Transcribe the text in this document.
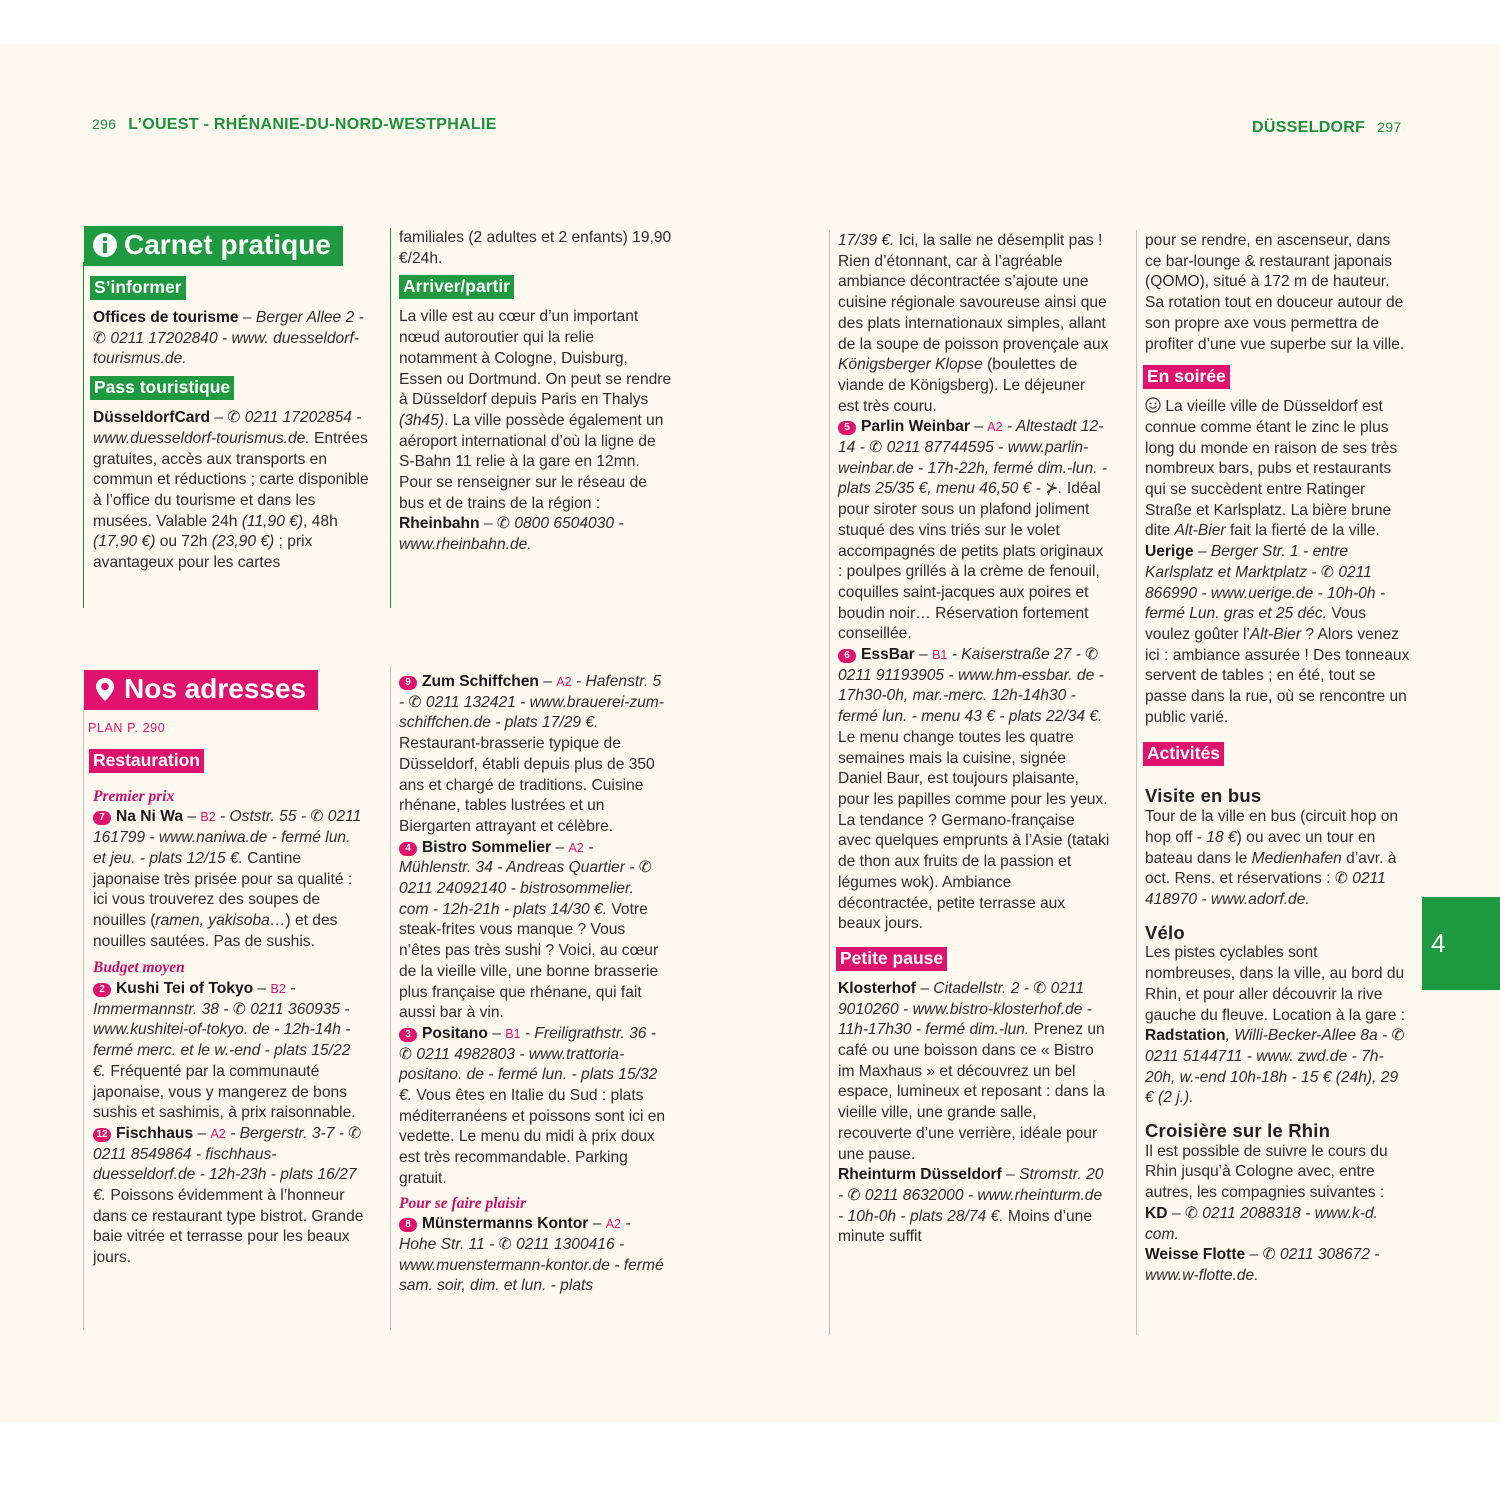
296 L’OUEST - RHÉNANIE-DU-NORD-WESTPHALIE	DÜSSELDORF 297
4
Carnet pratique
S’informer

Offices de tourisme – Berger Allee 2 - ✆ 0211 17202840 - www. duesseldorf-tourismus.de.

Pass touristique

DüsseldorfCard – ✆ 0211 17202854 - www.duesseldorf-tourismus.de. Entrées gratuites, accès aux transports en commun et réductions ; carte disponible à l’office du tourisme et dans les musées. Valable 24h (11,90 €), 48h (17,90 €) ou 72h (23,90 €) ; prix avantageux pour les cartes

familiales (2 adultes et 2 enfants) 19,90 €/24h.

Arriver/partir

La ville est au cœur d’un important nœud autoroutier qui la relie notamment à Cologne, Duisburg, Essen ou Dortmund. On peut se rendre à Düsseldorf depuis Paris en Thalys (3h45). La ville possède également un aéroport international d’où la ligne de S-Bahn 11 relie à la gare en 12mn. Pour se renseigner sur le réseau de bus et de trains de la région : Rheinbahn – ✆ 0800 6504030 - www.rheinbahn.de.

Nos adresses
PLAN P. 290
Restauration
Premier prix

7 Na Ni Wa – B2 - Oststr. 55 - ✆ 0211 161799 - www.naniwa.de - fermé lun. et jeu. - plats 12/15 €. Cantine japonaise très prisée pour sa qualité : ici vous trouverez des soupes de nouilles (ramen, yakisoba…) et des nouilles sautées. Pas de sushis.

Budget moyen

2 Kushi Tei of Tokyo – B2 - Immermannstr. 38 - ✆ 0211 360935 - www.kushitei-of-tokyo. de - 12h-14h - fermé merc. et le w.-end - plats 15/22 €. Fréquenté par la communauté japonaise, vous y mangerez de bons sushis et sashimis, à prix raisonnable.

12 Fischhaus – A2 - Bergerstr. 3-7 - ✆ 0211 8549864 - fischhaus-duesseldorf.de - 12h-23h - plats 16/27 €. Poissons évidemment à l’honneur dans ce restaurant type bistrot. Grande baie vitrée et terrasse pour les beaux jours.

9 Zum Schiffchen – A2 - Hafenstr. 5 - ✆ 0211 132421 - www.brauerei-zum-schiffchen.de - plats 17/29 €. Restaurant-brasserie typique de Düsseldorf, établi depuis plus de 350 ans et chargé de traditions. Cuisine rhénane, tables lustrées et un Biergarten attrayant et célèbre.

4 Bistro Sommelier – A2 - Mühlenstr. 34 - Andreas Quartier - ✆ 0211 24092140 - bistrosommelier. com - 12h-21h - plats 14/30 €. Votre steak-frites vous manque ? Vous n’êtes pas très sushi ? Voici, au cœur de la vieille ville, une bonne brasserie plus française que rhénane, qui fait aussi bar à vin.

3 Positano – B1 - Freiligrathstr. 36 - ✆ 0211 4982803 - www.trattoria-positano. de - fermé lun. - plats 15/32 €. Vous êtes en Italie du Sud : plats méditerranéens et poissons sont ici en vedette. Le menu du midi à prix doux est très recommandable. Parking gratuit.

Pour se faire plaisir

8 Münstermanns Kontor – A2 - Hohe Str. 11 - ✆ 0211 1300416 - www.muenstermann-kontor.de - fermé sam. soir, dim. et lun. - plats

17/39 €. Ici, la salle ne désemplit pas ! Rien d’étonnant, car à l’agréable ambiance décontractée s’ajoute une cuisine régionale savoureuse ainsi que des plats internationaux simples, allant de la soupe de poisson provençale aux Königsberger Klopse (boulettes de viande de Königsberg). Le déjeuner est très couru.

5 Parlin Weinbar – A2 - Altestadt 12-14 - ✆ 0211 87744595 - www.parlin-weinbar.de - 17h-22h, fermé dim.-lun. - plats 25/35 €, menu 46,50 € - ⊁. Idéal pour siroter sous un plafond joliment stuqué des vins triés sur le volet accompagnés de petits plats originaux : poulpes grillés à la crème de fenouil, coquilles saint-jacques aux poires et boudin noir… Réservation fortement conseillée.

6 EssBar – B1 - Kaiserstraße 27 - ✆ 0211 91193905 - www.hm-essbar. de - 17h30-0h, mar.-merc. 12h-14h30 - fermé lun. - menu 43 € - plats 22/34 €. Le menu change toutes les quatre semaines mais la cuisine, signée Daniel Baur, est toujours plaisante, pour les papilles comme pour les yeux. La tendance ? Germano-française avec quelques emprunts à l’Asie (tataki de thon aux fruits de la passion et légumes wok). Ambiance décontractée, petite terrasse aux beaux jours.

Petite pause

Klosterhof – Citadellstr. 2 - ✆ 0211 9010260 - www.bistro-klosterhof.de - 11h-17h30 - fermé dim.-lun. Prenez un café ou une boisson dans ce « Bistro im Maxhaus » et découvrez un bel espace, lumineux et reposant : dans la vieille ville, une grande salle, recouverte d’une verrière, idéale pour une pause.

Rheinturm Düsseldorf – Stromstr. 20 - ✆ 0211 8632000 - www.rheinturm.de - 10h-0h - plats 28/74 €. Moins d’une minute suffit

pour se rendre, en ascenseur, dans ce bar-lounge & restaurant japonais (QOMO), situé à 172 m de hauteur. Sa rotation tout en douceur autour de son propre axe vous permettra de profiter d’une vue superbe sur la ville.

En soirée

La vieille ville de Düsseldorf est connue comme étant le zinc le plus long du monde en raison de ses très nombreux bars, pubs et restaurants qui se succèdent entre Ratinger Straße et Karlsplatz. La bière brune dite Alt-Bier fait la fierté de la ville.

Uerige – Berger Str. 1 - entre Karlsplatz et Marktplatz - ✆ 0211 866990 - www.uerige.de - 10h-0h - fermé Lun. gras et 25 déc. Vous voulez goûter l’Alt-Bier ? Alors venez ici : ambiance assurée ! Des tonneaux servent de tables ; en été, tout se passe dans la rue, où se rencontre un public varié.

Activités
Visite en bus

Tour de la ville en bus (circuit hop on hop off - 18 €) ou avec un tour en bateau dans le Medienhafen d’avr. à oct. Rens. et réservations : ✆ 0211 418970 - www.adorf.de.

Vélo

Les pistes cyclables sont nombreuses, dans la ville, au bord du Rhin, et pour aller découvrir la rive gauche du fleuve. Location à la gare : Radstation, Willi-Becker-Allee 8a - ✆ 0211 5144711 - www. zwd.de - 7h-20h, w.-end 10h-18h - 15 € (24h), 29 € (2 j.).

Croisière sur le Rhin

Il est possible de suivre le cours du Rhin jusqu’à Cologne avec, entre autres, les compagnies suivantes :

KD – ✆ 0211 2088318 - www.k-d. com.

Weisse Flotte – ✆ 0211 308672 - www.w-flotte.de.
